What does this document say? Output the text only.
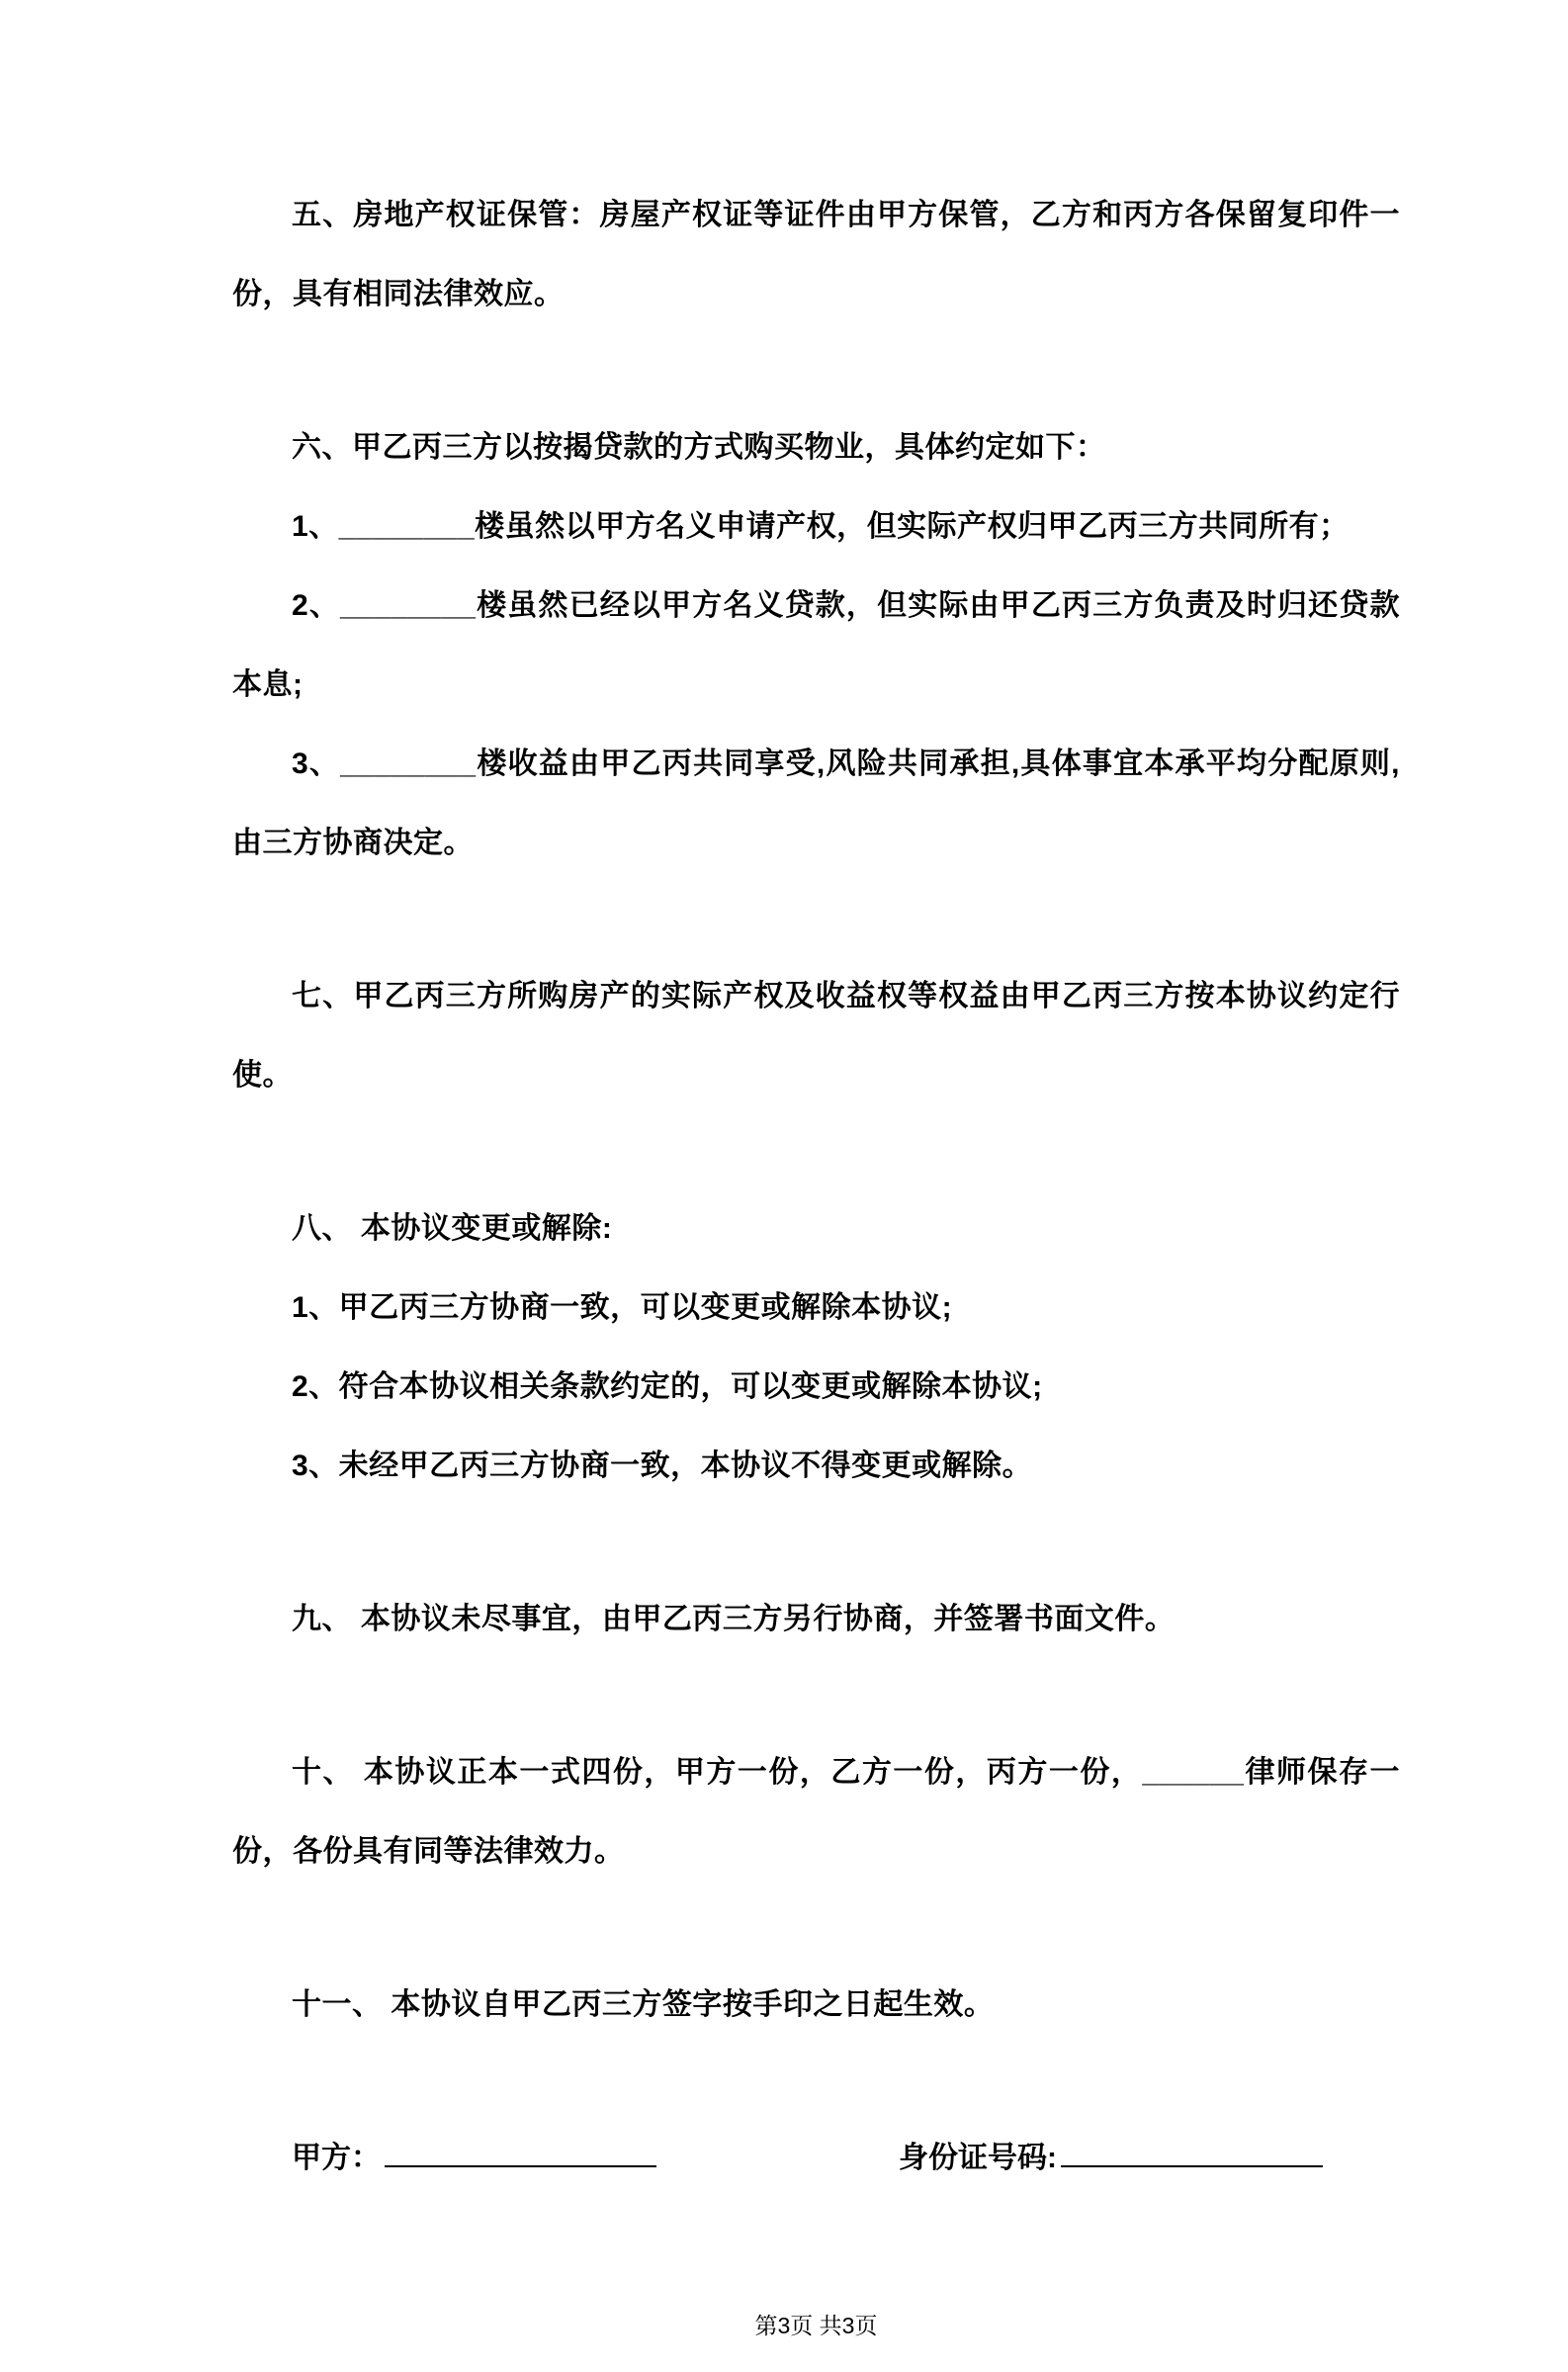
五、房地产权证保管：房屋产权证等证件由甲方保管，乙方和丙方各保留复印件一份，具有相同法律效应。

六、甲乙丙三方以按揭贷款的方式购买物业，具体约定如下：

1、________楼虽然以甲方名义申请产权，但实际产权归甲乙丙三方共同所有；

2、________楼虽然已经以甲方名义贷款，但实际由甲乙丙三方负责及时归还贷款本息;

3、________楼收益由甲乙丙共同享受,风险共同承担,具体事宜本承平均分配原则,由三方协商决定。

七、甲乙丙三方所购房产的实际产权及收益权等权益由甲乙丙三方按本协议约定行使。

八、 本协议变更或解除:

1、甲乙丙三方协商一致，可以变更或解除本协议;

2、符合本协议相关条款约定的，可以变更或解除本协议;

3、未经甲乙丙三方协商一致，本协议不得变更或解除。

九、 本协议未尽事宜，由甲乙丙三方另行协商，并签署书面文件。

十、 本协议正本一式四份，甲方一份，乙方一份，丙方一份，______律师保存一份，各份具有同等法律效力。

十一、 本协议自甲乙丙三方签字按手印之日起生效。

甲方：	身份证号码:
第3页 共3页
